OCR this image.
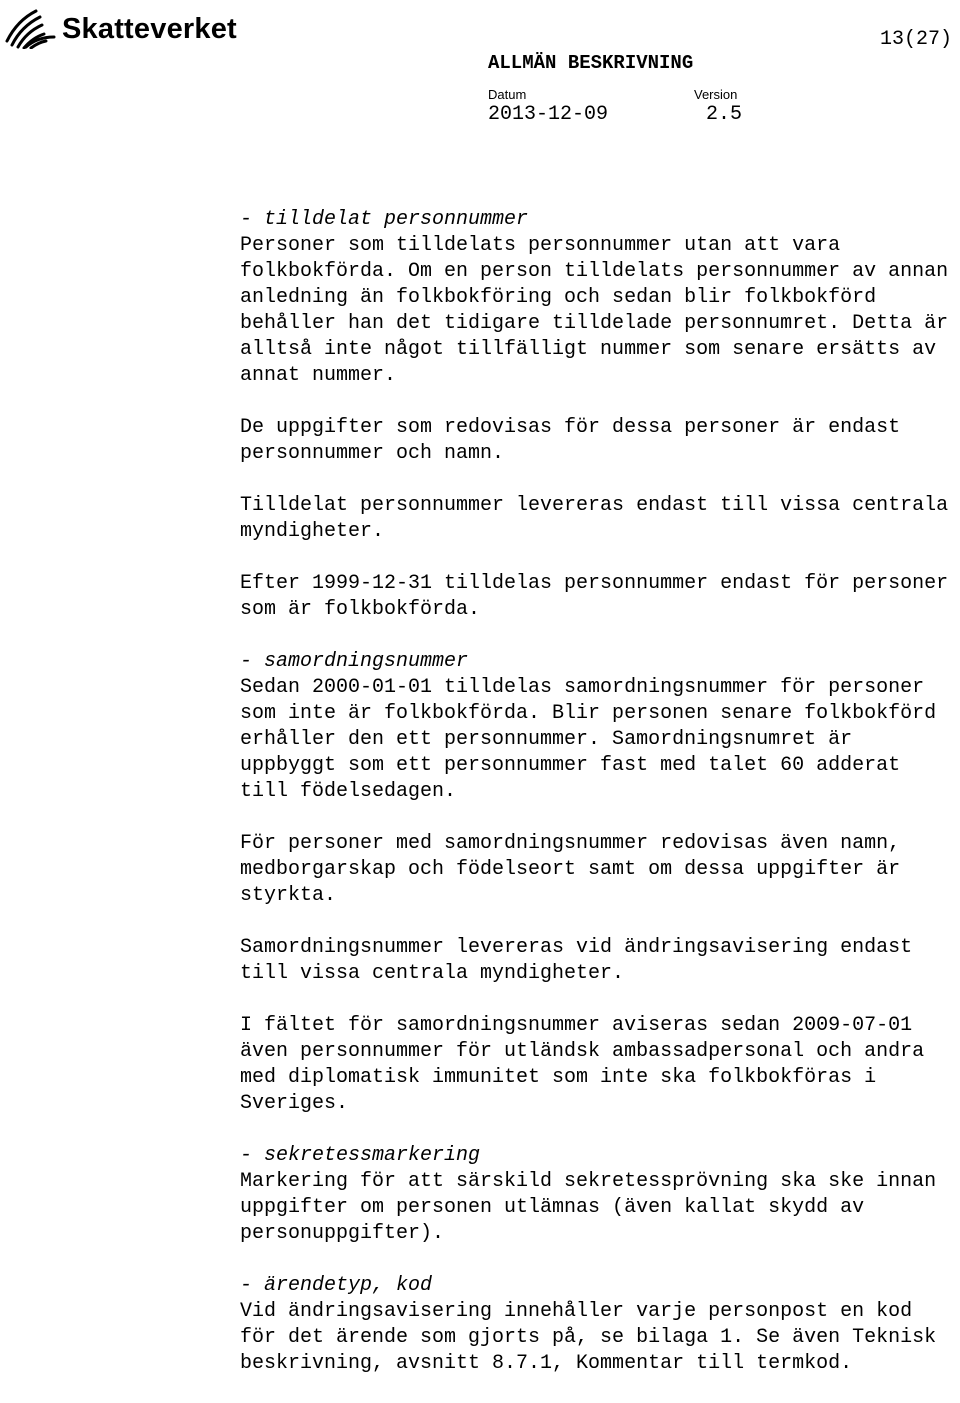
Skatteverket	13(27)
ALLMÄN BESKRIVNING
Datum	Version
2013-12-09	2.5

- tilldelat personnummer
Personer som tilldelats personnummer utan att vara folkbokförda. Om en person tilldelats personnummer av annan anledning än folkbokföring och sedan blir folkbokförd behåller han det tidigare tilldelade personnumret. Detta är alltså inte något tillfälligt nummer som senare ersätts av annat nummer.

De uppgifter som redovisas för dessa personer är endast personnummer och namn.

Tilldelat personnummer levereras endast till vissa centrala myndigheter.

Efter 1999-12-31 tilldelas personnummer endast för personer som är folkbokförda.

- samordningsnummer
Sedan 2000-01-01 tilldelas samordningsnummer för personer som inte är folkbokförda. Blir personen senare folkbokförd erhåller den ett personnummer. Samordningsnumret är uppbyggt som ett personnummer fast med talet 60 adderat till födelsedagen.

För personer med samordningsnummer redovisas även namn, medborgarskap och födelseort samt om dessa uppgifter är styrkta.

Samordningsnummer levereras vid ändringsavisering endast till vissa centrala myndigheter.

I fältet för samordningsnummer aviseras sedan 2009-07-01 även personnummer för utländsk ambassadpersonal och andra med diplomatisk immunitet som inte ska folkbokföras i Sveriges.

- sekretessmarkering
Markering för att särskild sekretessprövning ska ske innan uppgifter om personen utlämnas (även kallat skydd av personuppgifter).

- ärendetyp, kod
Vid ändringsavisering innehåller varje personpost en kod för det ärende som gjorts på, se bilaga 1. Se även Teknisk beskrivning, avsnitt 8.7.1, Kommentar till termkod.
